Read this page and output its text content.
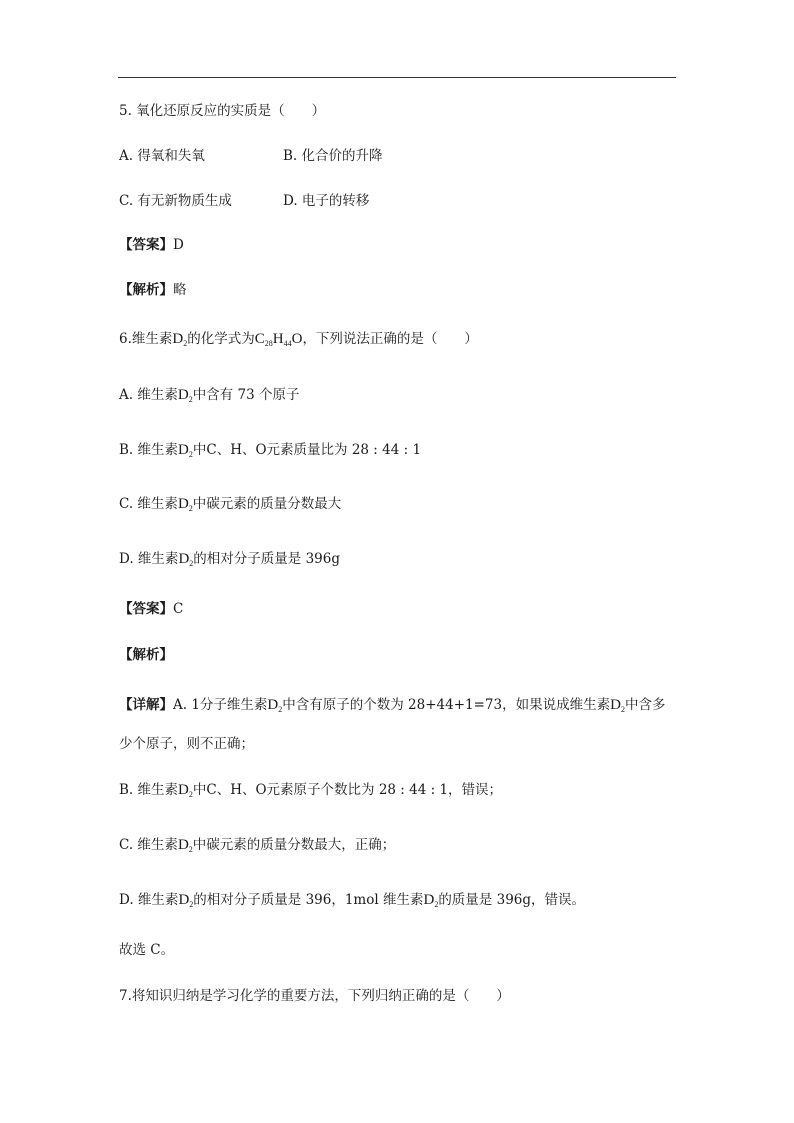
5. 氧化还原反应的实质是（　　）
A. 得氧和失氧	B. 化合价的升降
C. 有无新物质生成	D. 电子的转移
【答案】D
【解析】略
6.维生素$D_2$的化学式为$C_{28}H_{44}O$，下列说法正确的是（　　）
A. 维生素$D_2$中含有 73 个原子
B. 维生素$D_2$中C、H、O元素质量比为 28 : 44 : 1
C. 维生素$D_2$中碳元素的质量分数最大
D. 维生素$D_2$的相对分子质量是 396g
【答案】C
【解析】
【详解】A. 1分子维生素$D_2$中含有原子的个数为 28+44+1=73，如果说成维生素$D_2$中含多
少个原子，则不正确；
B. 维生素$D_2$中C、H、O元素原子个数比为 28 : 44 : 1，错误；
C. 维生素$D_2$中碳元素的质量分数最大，正确；
D. 维生素$D_2$的相对分子质量是 396，1mol 维生素$D_2$的质量是 396g，错误。
故选 C。
7.将知识归纳是学习化学的重要方法，下列归纳正确的是（　　）
